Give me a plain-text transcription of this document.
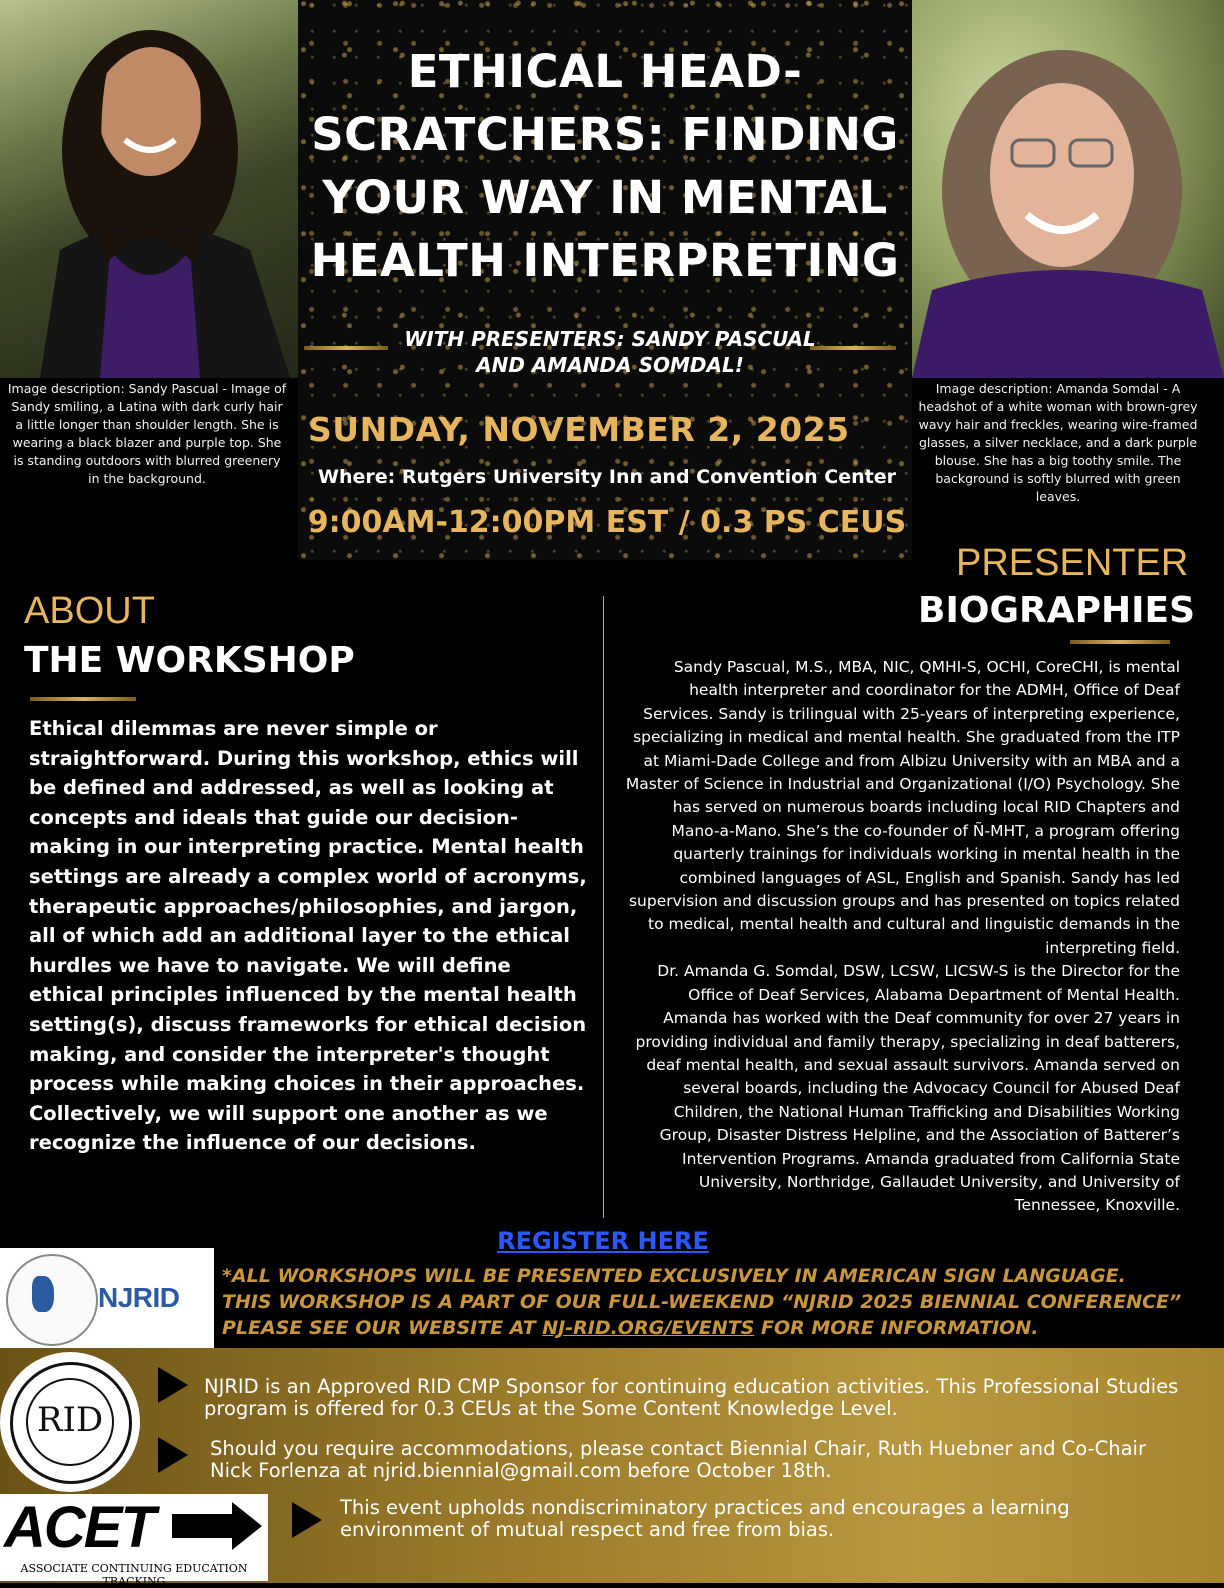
ETHICAL HEAD-
SCRATCHERS: FINDING
YOUR WAY IN MENTAL
HEALTH INTERPRETING
WITH PRESENTERS: SANDY PASCUAL
AND AMANDA SOMDAL!
SUNDAY, NOVEMBER 2, 2025
Where: Rutgers University Inn and Convention Center
9:00AM-12:00PM EST / 0.3 PS CEUS
Image description: Sandy Pascual - Image of Sandy smiling, a Latina with dark curly hair a little longer than shoulder length. She is wearing a black blazer and purple top. She is standing outdoors with blurred greenery in the background.
Image description: Amanda Somdal - A headshot of a white woman with brown-grey wavy hair and freckles, wearing wire-framed glasses, a silver necklace, and a dark purple blouse. She has a big toothy smile. The background is softly blurred with green leaves.
ABOUT
THE WORKSHOP
Ethical dilemmas are never simple or straightforward. During this workshop, ethics will be defined and addressed, as well as looking at concepts and ideals that guide our decision-making in our interpreting practice. Mental health settings are already a complex world of acronyms, therapeutic approaches/philosophies, and jargon, all of which add an additional layer to the ethical hurdles we have to navigate. We will define ethical principles influenced by the mental health setting(s), discuss frameworks for ethical decision making, and consider the interpreter's thought process while making choices in their approaches. Collectively, we will support one another as we recognize the influence of our decisions.
PRESENTER
BIOGRAPHIES

Sandy Pascual, M.S., MBA, NIC, QMHI-S, OCHI, CoreCHI, is mental health interpreter and coordinator for the ADMH, Office of Deaf Services. Sandy is trilingual with 25-years of interpreting experience, specializing in medical and mental health. She graduated from the ITP at Miami-Dade College and from Albizu University with an MBA and a Master of Science in Industrial and Organizational (I/O) Psychology. She has served on numerous boards including local RID Chapters and Mano-a-Mano. She’s the co-founder of Ñ-MHT, a program offering quarterly trainings for individuals working in mental health in the combined languages of ASL, English and Spanish. Sandy has led supervision and discussion groups and has presented on topics related to medical, mental health and cultural and linguistic demands in the interpreting field.

Dr. Amanda G. Somdal, DSW, LCSW, LICSW-S is the Director for the Office of Deaf Services, Alabama Department of Mental Health. Amanda has worked with the Deaf community for over 27 years in providing individual and family therapy, specializing in deaf batterers, deaf mental health, and sexual assault survivors. Amanda served on several boards, including the Advocacy Council for Abused Deaf Children, the National Human Trafficking and Disabilities Working Group, Disaster Distress Helpline, and the Association of Batterer’s Intervention Programs. Amanda graduated from California State University, Northridge, Gallaudet University, and University of Tennessee, Knoxville.

REGISTER HERE
NJRID
*ALL WORKSHOPS WILL BE PRESENTED EXCLUSIVELY IN AMERICAN SIGN LANGUAGE.
THIS WORKSHOP IS A PART OF OUR FULL-WEEKEND “NJRID 2025 BIENNIAL CONFERENCE”
PLEASE SEE OUR WEBSITE AT NJ-RID.ORG/EVENTS FOR MORE INFORMATION.
RID
ACET
ASSOCIATE CONTINUING EDUCATION TRACKING
NJRID is an Approved RID CMP Sponsor for continuing education activities. This Professional Studies program is offered for 0.3 CEUs at the Some Content Knowledge Level.
Should you require accommodations, please contact Biennial Chair, Ruth Huebner and Co-Chair Nick Forlenza at njrid.biennial@gmail.com before October 18th.
This event upholds nondiscriminatory practices and encourages a learning environment of mutual respect and free from bias.
